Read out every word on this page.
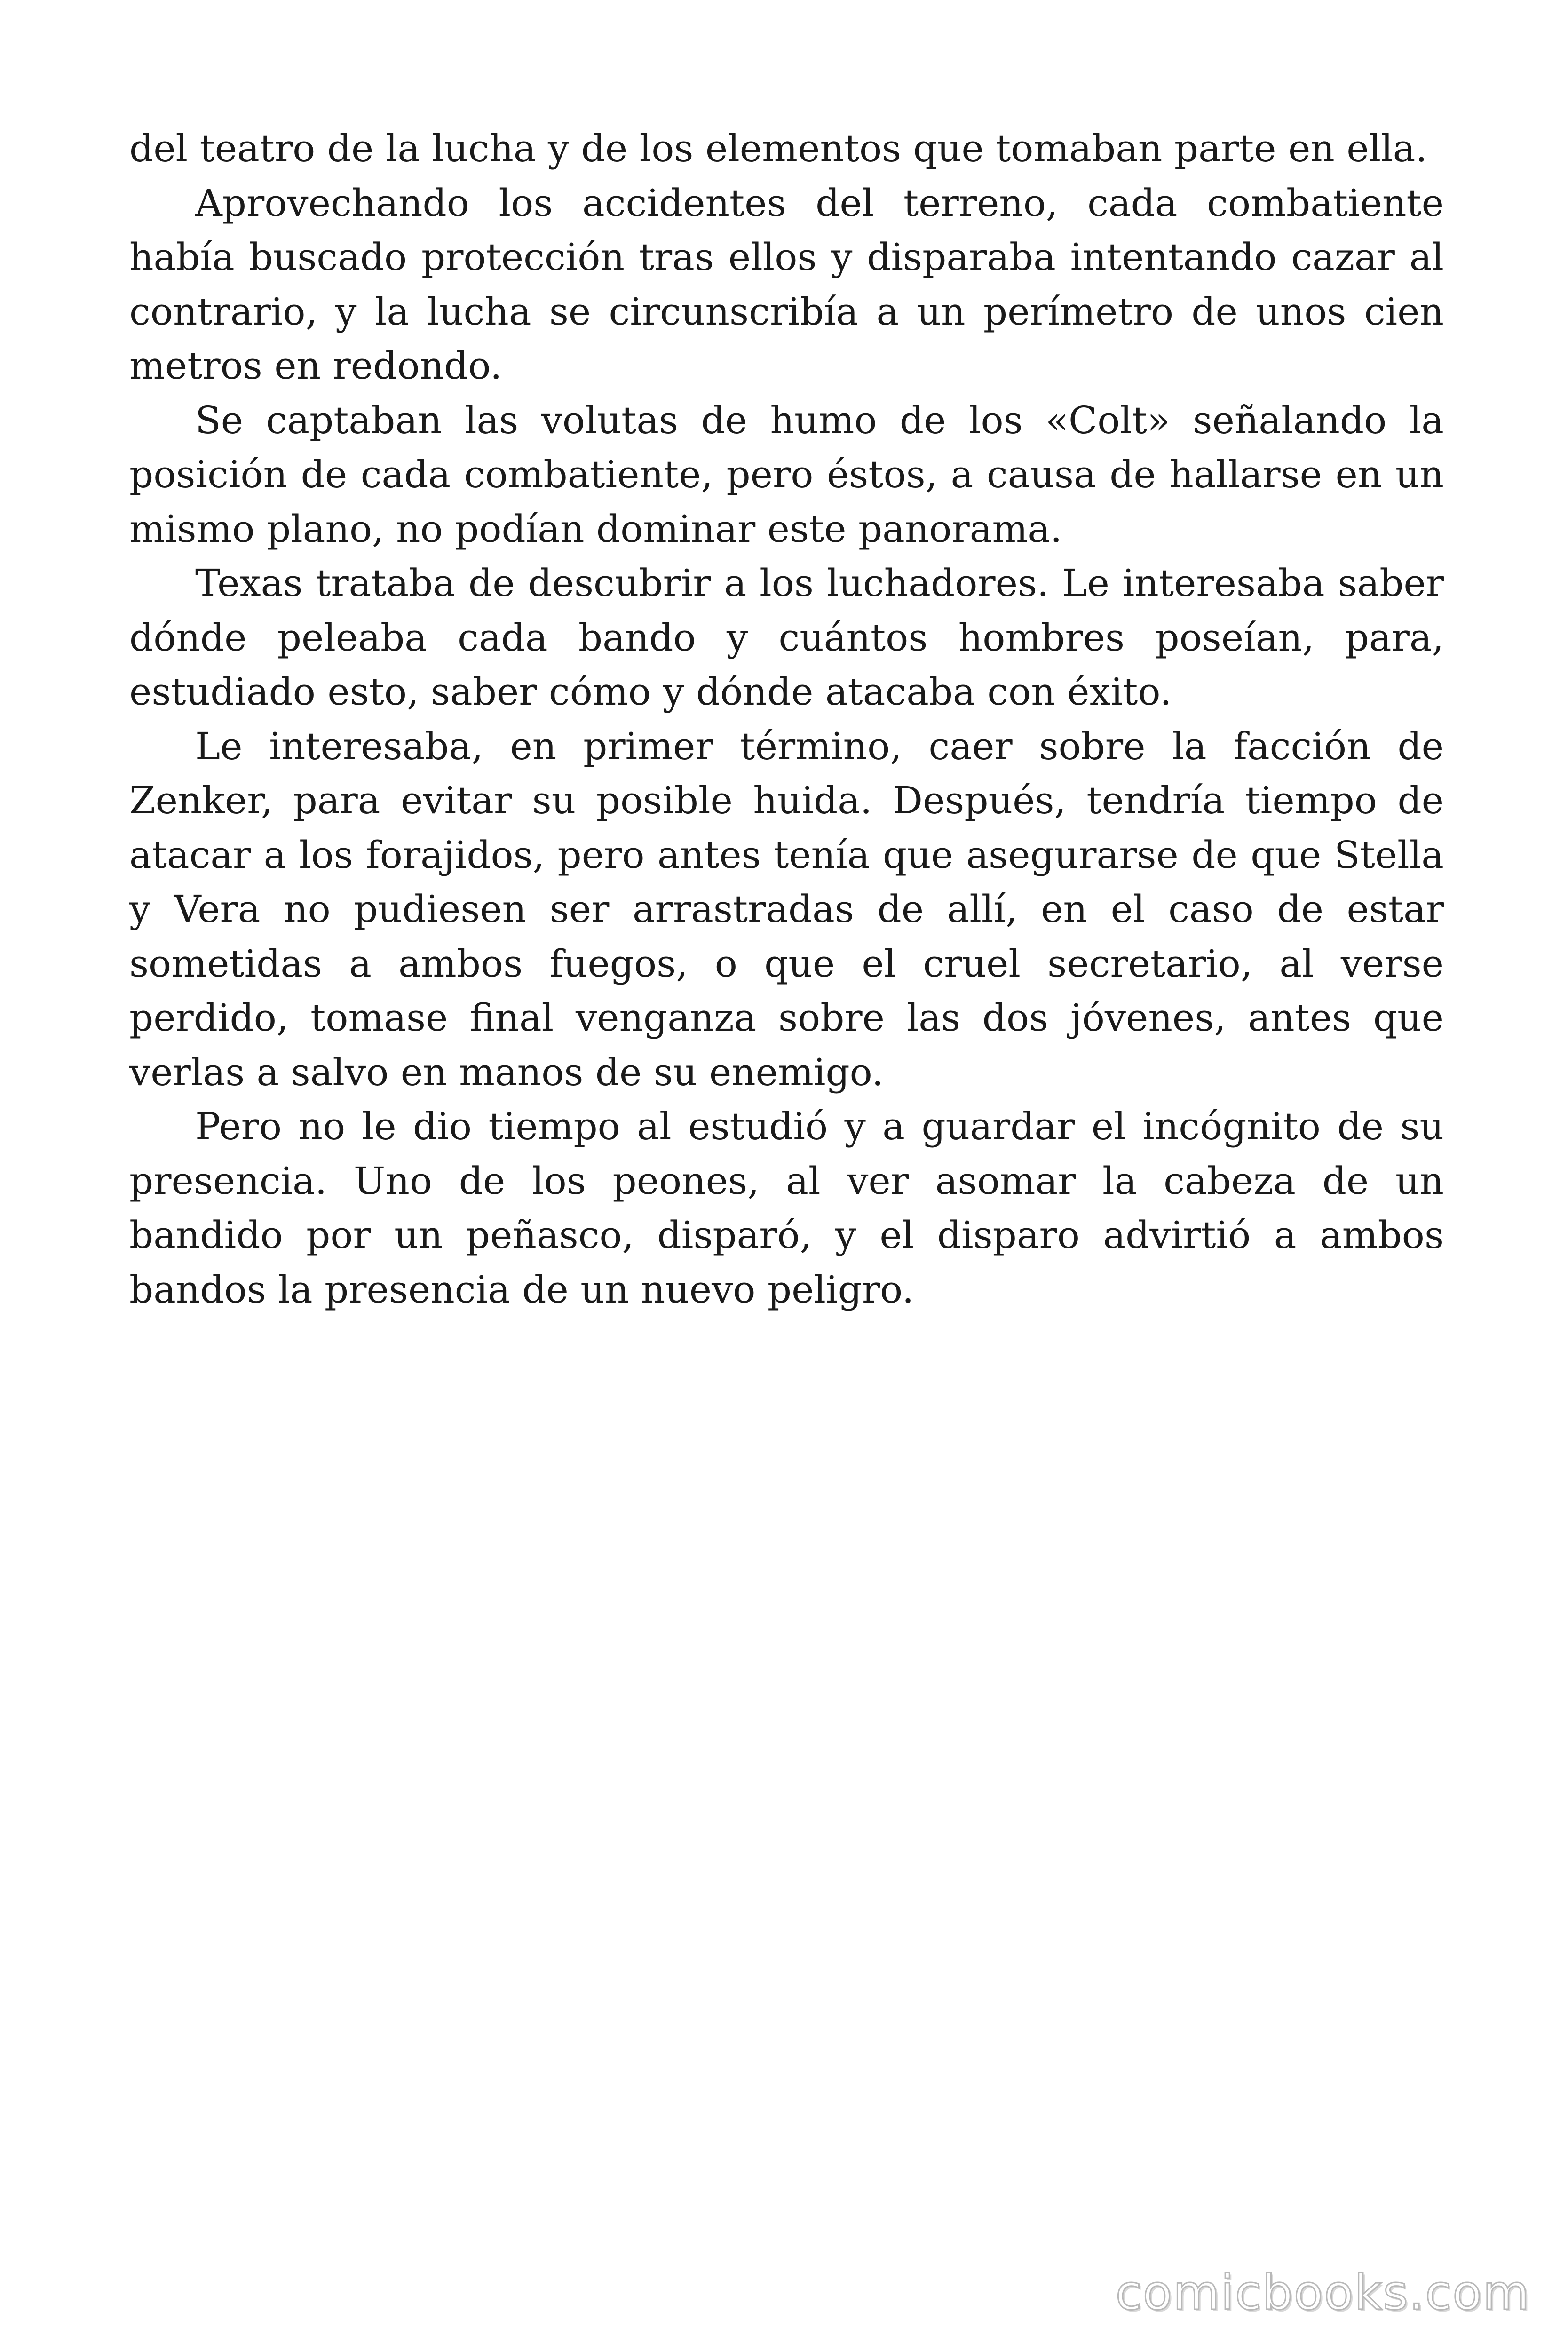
del teatro de la lucha y de los elementos que tomaban parte en ella.

Aprovechando los accidentes del terreno, cada combatiente había buscado protección tras ellos y disparaba intentando cazar al contrario, y la lucha se circunscribía a un perímetro de unos cien metros en redondo.

Se captaban las volutas de humo de los «Colt» señalando la posición de cada combatiente, pero éstos, a causa de hallarse en un mismo plano, no podían dominar este panorama.

Texas trataba de descubrir a los luchadores. Le interesaba saber dónde peleaba cada bando y cuántos hombres poseían, para, estudiado esto, saber cómo y dónde atacaba con éxito.

Le interesaba, en primer término, caer sobre la facción de Zenker, para evitar su posible huida. Después, tendría tiempo de atacar a los forajidos, pero antes tenía que asegurarse de que Stella y Vera no pudiesen ser arrastradas de allí, en el caso de estar sometidas a ambos fuegos, o que el cruel secretario, al verse perdido, tomase final venganza sobre las dos jóvenes, antes que verlas a salvo en manos de su enemigo.

Pero no le dio tiempo al estudió y a guardar el incógnito de su presencia. Uno de los peones, al ver asomar la cabeza de un bandido por un peñasco, disparó, y el disparo advirtió a ambos bandos la presencia de un nuevo peligro.

comicbooks.com
